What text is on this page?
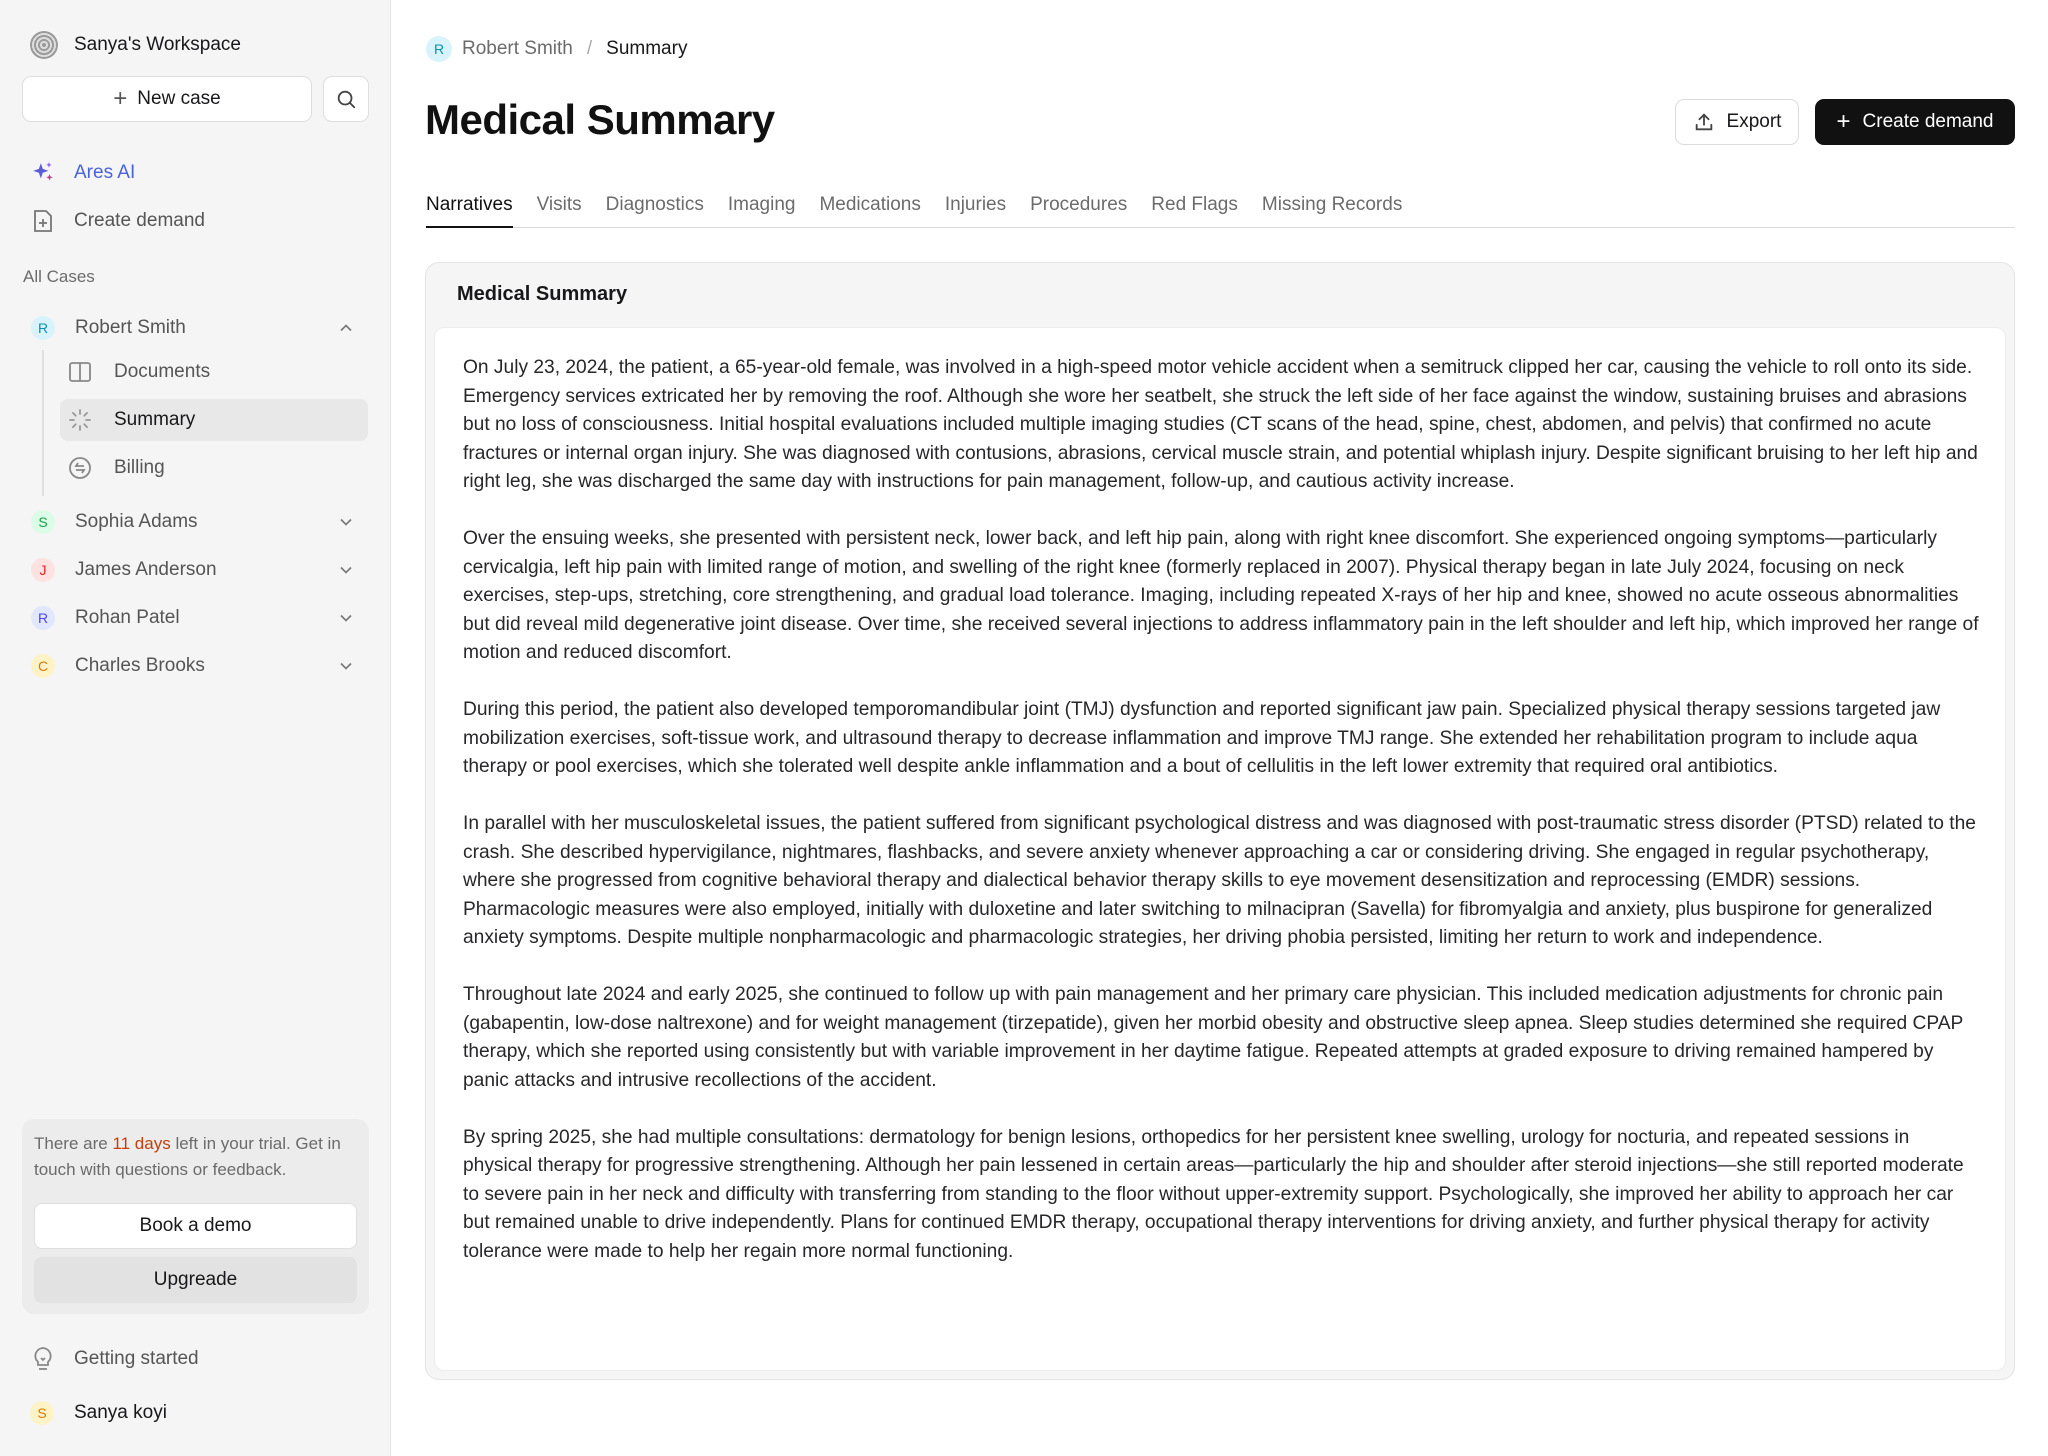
Sanya's Workspace
+ New case
Ares AI
Create demand
All Cases
R	Robert Smith
Documents
Summary
Billing
S	Sophia Adams
J	James Anderson
R	Rohan Patel
C	Charles Brooks

There are 11 days left in your trial. Get in touch with questions or feedback.

Book a demo
Upgreade
Getting started
S	Sanya koyi
R Robert Smith / Summary
Medical Summary	Export + Create demand
Narratives Visits Diagnostics Imaging Medications Injuries Procedures Red Flags Missing Records
Medical Summary

On July 23, 2024, the patient, a 65-year-old female, was involved in a high-speed motor vehicle accident when a semitruck clipped her car, causing the vehicle to roll onto its side. Emergency services extricated her by removing the roof. Although she wore her seatbelt, she struck the left side of her face against the window, sustaining bruises and abrasions but no loss of consciousness. Initial hospital evaluations included multiple imaging studies (CT scans of the head, spine, chest, abdomen, and pelvis) that confirmed no acute fractures or internal organ injury. She was diagnosed with contusions, abrasions, cervical muscle strain, and potential whiplash injury. Despite significant bruising to her left hip and right leg, she was discharged the same day with instructions for pain management, follow-up, and cautious activity increase.

Over the ensuing weeks, she presented with persistent neck, lower back, and left hip pain, along with right knee discomfort. She experienced ongoing symptoms—particularly cervicalgia, left hip pain with limited range of motion, and swelling of the right knee (formerly replaced in 2007). Physical therapy began in late July 2024, focusing on neck exercises, step-ups, stretching, core strengthening, and gradual load tolerance. Imaging, including repeated X-rays of her hip and knee, showed no acute osseous abnormalities but did reveal mild degenerative joint disease. Over time, she received several injections to address inflammatory pain in the left shoulder and left hip, which improved her range of motion and reduced discomfort.

During this period, the patient also developed temporomandibular joint (TMJ) dysfunction and reported significant jaw pain. Specialized physical therapy sessions targeted jaw mobilization exercises, soft-tissue work, and ultrasound therapy to decrease inflammation and improve TMJ range. She extended her rehabilitation program to include aqua therapy or pool exercises, which she tolerated well despite ankle inflammation and a bout of cellulitis in the left lower extremity that required oral antibiotics.

In parallel with her musculoskeletal issues, the patient suffered from significant psychological distress and was diagnosed with post-traumatic stress disorder (PTSD) related to the crash. She described hypervigilance, nightmares, flashbacks, and severe anxiety whenever approaching a car or considering driving. She engaged in regular psychotherapy, where she progressed from cognitive behavioral therapy and dialectical behavior therapy skills to eye movement desensitization and reprocessing (EMDR) sessions. Pharmacologic measures were also employed, initially with duloxetine and later switching to milnacipran (Savella) for fibromyalgia and anxiety, plus buspirone for generalized anxiety symptoms. Despite multiple nonpharmacologic and pharmacologic strategies, her driving phobia persisted, limiting her return to work and independence.

Throughout late 2024 and early 2025, she continued to follow up with pain management and her primary care physician. This included medication adjustments for chronic pain (gabapentin, low-dose naltrexone) and for weight management (tirzepatide), given her morbid obesity and obstructive sleep apnea. Sleep studies determined she required CPAP therapy, which she reported using consistently but with variable improvement in her daytime fatigue. Repeated attempts at graded exposure to driving remained hampered by panic attacks and intrusive recollections of the accident.

By spring 2025, she had multiple consultations: dermatology for benign lesions, orthopedics for her persistent knee swelling, urology for nocturia, and repeated sessions in physical therapy for progressive strengthening. Although her pain lessened in certain areas—particularly the hip and shoulder after steroid injections—she still reported moderate to severe pain in her neck and difficulty with transferring from standing to the floor without upper-extremity support. Psychologically, she improved her ability to approach her car but remained unable to drive independently. Plans for continued EMDR therapy, occupational therapy interventions for driving anxiety, and further physical therapy for activity tolerance were made to help her regain more normal functioning.
